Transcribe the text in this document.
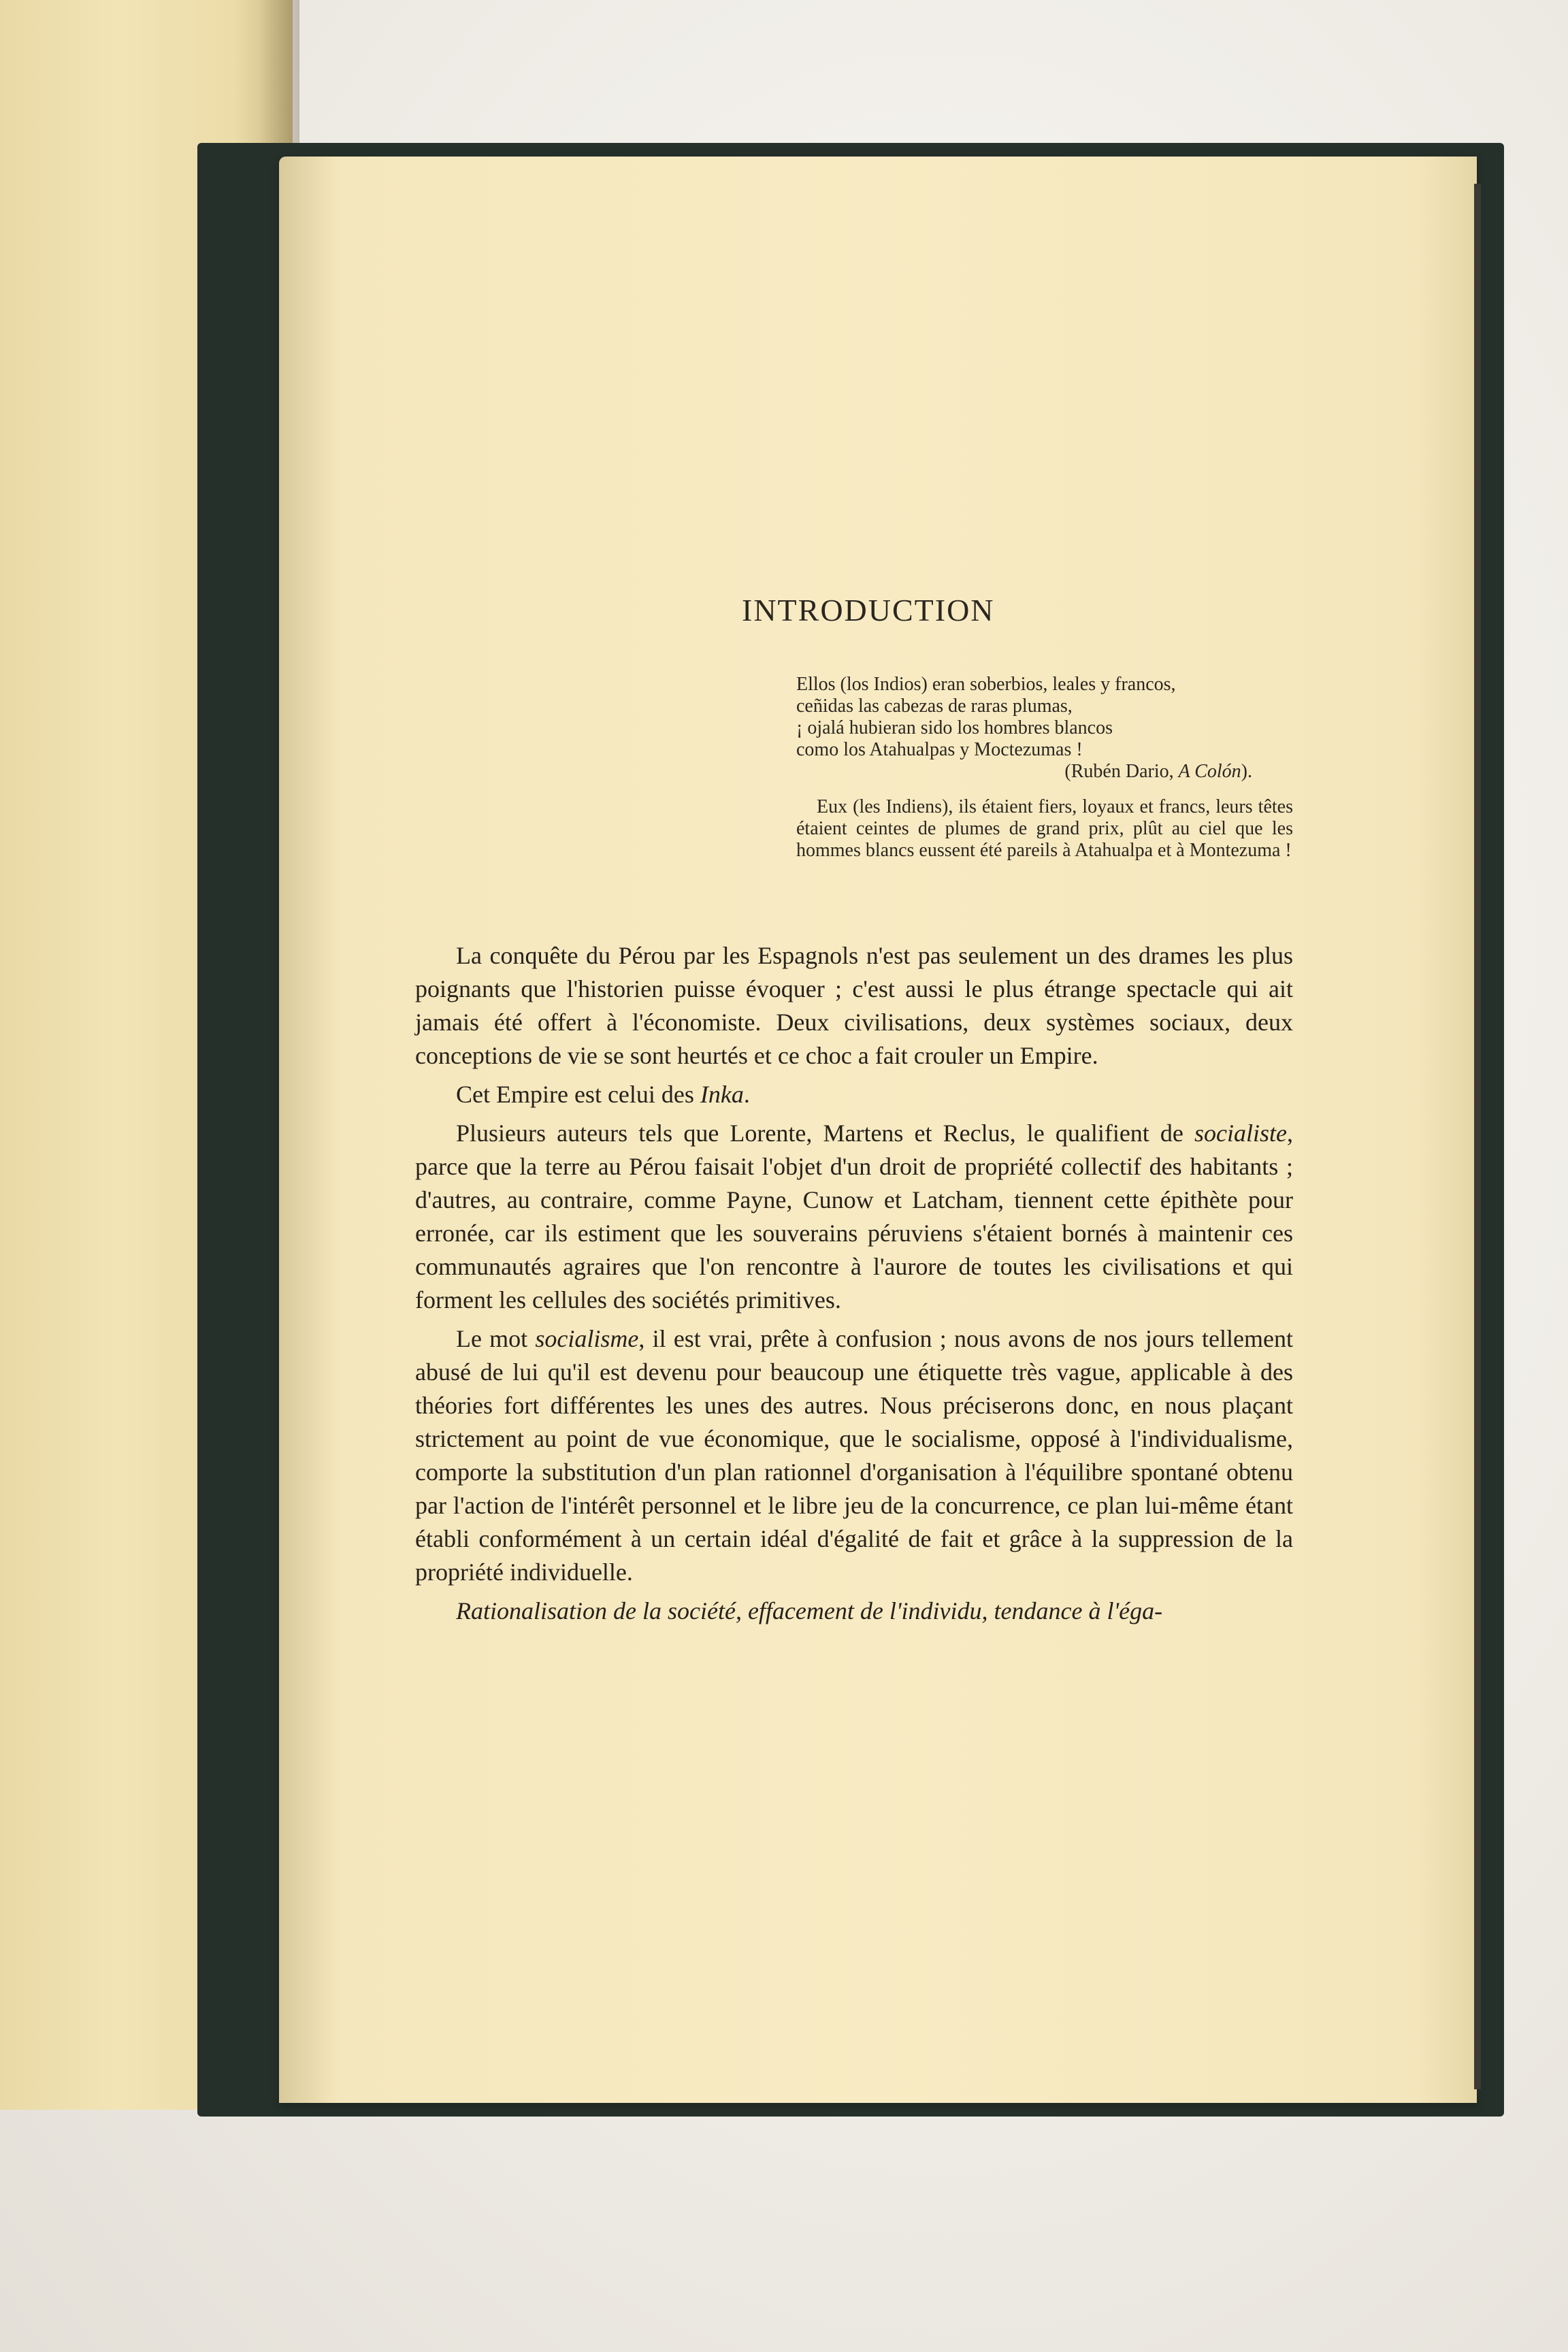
INTRODUCTION

Ellos (los Indios) eran soberbios, leales y francos,

ceñidas las cabezas de raras plumas,

¡ ojalá hubieran sido los hombres blancos

como los Atahualpas y Moctezumas !

(Rubén Dario, A Colón).

Eux (les Indiens), ils étaient fiers, loyaux et francs, leurs têtes étaient ceintes de plumes de grand prix, plût au ciel que les hommes blancs eussent été pareils à Atahualpa et à Montezuma !

La conquête du Pérou par les Espagnols n'est pas seulement un des drames les plus poignants que l'historien puisse évoquer ; c'est aussi le plus étrange spectacle qui ait jamais été offert à l'économiste. Deux civilisations, deux systèmes sociaux, deux conceptions de vie se sont heurtés et ce choc a fait crouler un Empire.

Cet Empire est celui des Inka.

Plusieurs auteurs tels que Lorente, Martens et Reclus, le qualifient de socialiste, parce que la terre au Pérou faisait l'objet d'un droit de propriété collectif des habitants ; d'autres, au contraire, comme Payne, Cunow et Latcham, tiennent cette épithète pour erronée, car ils estiment que les souverains péruviens s'étaient bornés à maintenir ces communautés agraires que l'on rencontre à l'aurore de toutes les civilisations et qui forment les cellules des sociétés primitives.

Le mot socialisme, il est vrai, prête à confusion ; nous avons de nos jours tellement abusé de lui qu'il est devenu pour beaucoup une étiquette très vague, applicable à des théories fort différentes les unes des autres. Nous préciserons donc, en nous plaçant strictement au point de vue économique, que le socialisme, opposé à l'individualisme, comporte la substitution d'un plan rationnel d'organisation à l'équilibre spontané obtenu par l'action de l'intérêt personnel et le libre jeu de la concurrence, ce plan lui-même étant établi conformément à un certain idéal d'égalité de fait et grâce à la suppression de la propriété individuelle.

Rationalisation de la société, effacement de l'individu, tendance à l'éga-
